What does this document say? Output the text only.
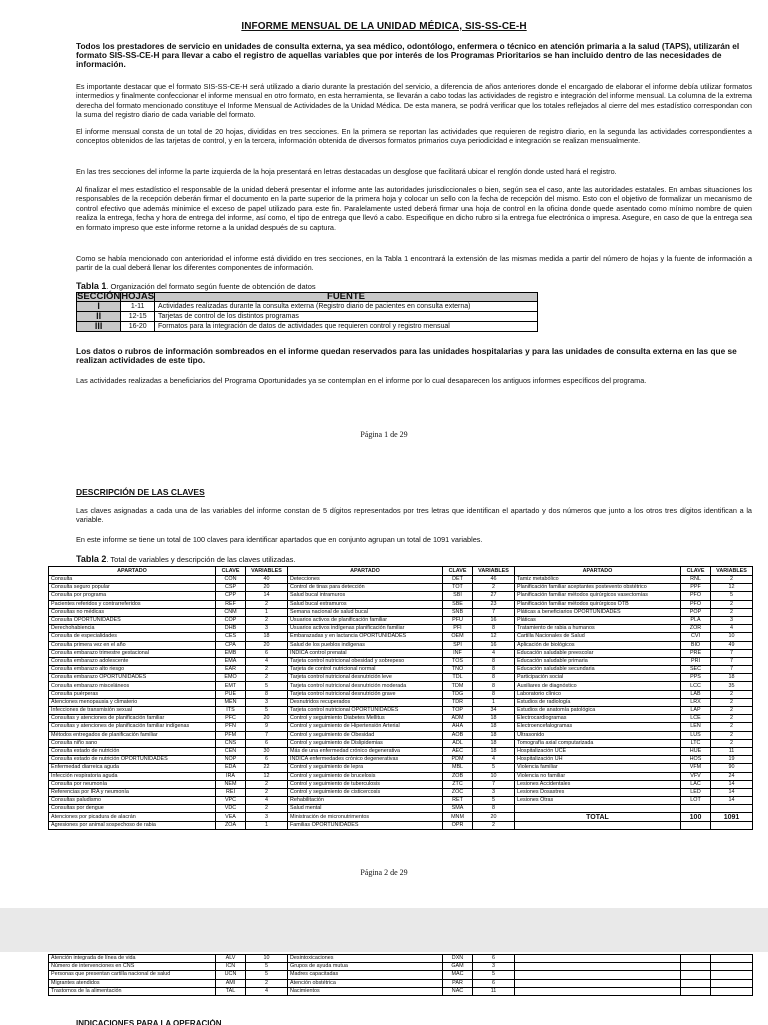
INFORME MENSUAL DE LA UNIDAD MÉDICA, SIS-SS-CE-H
Todos los prestadores de servicio en unidades de consulta externa, ya sea médico, odontólogo, enfermera o técnico en atención primaria a la salud (TAPS), utilizarán el formato SIS-SS-CE-H para llevar a cabo el registro de aquellas variables que por interés de los Programas Prioritarios se han incluido dentro de las necesidades de información.
Es importante destacar que el formato SIS-SS-CE-H será utilizado a diario durante la prestación del servicio, a diferencia de años anteriores donde el encargado de elaborar el informe debía utilizar formatos intermedios y finalmente confeccionar el informe mensual en otro formato, en esta herramienta, se llevarán a cabo todas las actividades de registro e integración del informe mensual. La columna de la extrema derecha del formato mencionado constituye el Informe Mensual de Actividades de la Unidad Médica. De esta manera, se podrá verificar que los totales reflejados al cierre del mes estadístico correspondan con la suma del registro diario de cada variable del formato.
El informe mensual consta de un total de 20 hojas, divididas en tres secciones. En la primera se reportan las actividades que requieren de registro diario, en la segunda las actividades correspondientes a conceptos obtenidos de las tarjetas de control, y en la tercera, información obtenida de diversos formatos primarios cuya periodicidad e integración se realizan mensualmente.
En las tres secciones del informe la parte izquierda de la hoja presentará en letras destacadas un desglose que facilitará ubicar el renglón donde usted hará el registro.
Al finalizar el mes estadístico el responsable de la unidad deberá presentar el informe ante las autoridades jurisdiccionales o bien, según sea el caso, ante las autoridades estatales. En ambas situaciones los responsables de la recepción deberán firmar el documento en la parte superior de la primera hoja y colocar un sello con la fecha de recepción del mismo. Esto con el objetivo de formalizar un mecanismo de control efectivo que además minimice el exceso de papel utilizado para este fin. Paralelamente usted deberá firmar una hoja de control en la oficina donde quede asentado como mínimo nombre de quien realiza la entrega, fecha y hora de entrega del informe, así como, el tipo de entrega que llevó a cabo. Especifique en dicho rubro si la entrega fue electrónica o impresa. Asegure, en caso de que la entrega sea en formato impreso que este informe retorne a la unidad después de su captura.
Como se había mencionado con anterioridad el informe está dividido en tres secciones, en la Tabla 1 encontrará la extensión de las mismas medida a partir del número de hojas y la fuente de información a partir de la cual deberá llenar los diferentes componentes de información.
Tabla 1. Organización del formato según fuente de obtención de datos
SECCIÓN	HOJAS	FUENTE
I	1-11	Actividades realizadas durante la consulta externa (Registro diario de pacientes en consulta externa)
II	12-15	Tarjetas de control de los distintos programas
III	16-20	Formatos para la integración de datos de actividades que requieren control y registro mensual
Los datos o rubros de información sombreados en el informe quedan reservados para las unidades hospitalarias y para las unidades de consulta externa en las que se realizan actividades de este tipo.
Las actividades realizadas a beneficiarios del Programa Oportunidades ya se contemplan en el informe por lo cual desaparecen los antiguos informes específicos del programa.
Página 1 de 29
DESCRIPCIÓN DE LAS CLAVES
Las claves asignadas a cada una de las variables del informe constan de 5 dígitos representados por tres letras que identifican el apartado y dos números que junto a los otros tres dígitos identifican a la variable.
En este informe se tiene un total de 100 claves para identificar apartados que en conjunto agrupan un total de 1091 variables.
Tabla 2. Total de variables y descripción de las claves utilizadas.
APARTADO	CLAVE	VARIABLES	APARTADO	CLAVE	VARIABLES	APARTADO	CLAVE	VARIABLES
Consulta	CON	40	Detecciones	DET	46	Tamiz metabólico	RNL	2
Consulta seguro popular	CSP	20	Control de tinas para detección	TOT	2	Planificación familiar aceptantes postevento obstétrico	PPF	12
Consulta por programa	CPP	14	Salud bucal intramuros	SBI	27	Planificación familiar métodos quirúrgicos vasectomías	PFO	5
Pacientes referidos y contrarreferidos	REF	2	Salud bucal extramuros	SBE	23	Planificación familiar métodos quirúrgicos OTB	PFO	2
Consultas no médicas	CNM	1	Semana nacional de salud bucal	SNB	7	Pláticas a beneficiarios OPORTUNIDADES	POP	2
Consulta OPORTUNIDADES	COP	2	Usuarios activos de planificación familiar	PFU	16	Pláticas	PLA	3
Derechohabiencia	DHB	3	Usuarios activos indígenas planificación familiar	PFI	8	Tratamiento de rabia a humanos	ZOR	4
Consulta de especialidades	CES	18	Embarazadas y en lactancia OPORTUNIDADES	OEM	12	Cartilla Nacionales de Salud	CVI	10
Consulta primera vez en el año	CPA	20	Salud de los pueblos indígenas	SPI	16	Aplicación de biológicos	BIO	49
Consulta embarazo trimestre gestacional	EMB	6	INDICA control prenatal	INF	4	Educación saludable preescolar	PRE	7
Consulta embarazo adolescente	EMA	4	Tarjeta control nutricional obesidad y sobrepeso	TOS	8	Educación saludable primaria	PRI	7
Consulta embarazo alto riesgo	EAR	2	Tarjeta de control nutricional normal	TNO	8	Educación saludable secundaria	SEC	7
Consulta embarazo OPORTUNIDADES	EMO	2	Tarjeta control nutricional desnutrición leve	TDL	8	Participación social	PPS	18
Consulta embarazo misceláneos	EMT	5	Tarjeta control nutricional desnutrición moderada	TDM	8	Auxiliares de diagnóstico	LCC	35
Consulta puérperas	PUE	8	Tarjeta control nutricional desnutrición grave	TDG	8	Laboratorio clínico	LAB	2
Atenciones menopausia y climaterio	MEN	3	Desnutridos recuperados	TDR	1	Estudios de radiología	LRX	2
Infecciones de transmisión sexual	ITS	5	Tarjeta control nutricional OPORTUNIDADES	TOP	34	Estudios de anatomía patológica	LAP	2
Consultas y atenciones de planificación familiar	PFC	20	Control y seguimiento Diabetes Mellitus	ADM	18	Electrocardiogramas	LCE	2
Consultas y atenciones de planificación familiar indígenas	PFN	9	Control y seguimiento de Hipertensión Arterial	AHA	18	Electroencefalogramas	LEN	2
Métodos entregados de planificación familiar	PFM	7	Control y seguimiento de Obesidad	AOB	18	Ultrasonido	LUS	2
Consulta niño sano	CNS	6	Control y seguimiento de Dislipidemias	ADL	18	Tomografía axial computarizada	LTC	2
Consulta estado de nutrición	CEN	30	Más de una enfermedad crónico degenerativa	AEC	18	Hospitalización UCE	HUE	11
Consulta estado de nutrición OPORTUNIDADES	NOP	6	INDICA enfermedades crónico degenerativas	PDM	4	Hospitalización UH	HOS	19
Enfermedad diarreica aguda	EDA	22	Control y seguimiento de lepra	MBL	5	Violencia familiar	VFM	90
Infección respiratoria aguda	IRA	12	Control y seguimiento de brucelosis	ZOB	10	Violencia no familiar	VFV	24
Consulta por neumonía	NEM	2	Control y seguimiento de tuberculosis	ZTC	7	Lesiones Accidentales	LAC	14
Referencias por IRA y neumonía	REI	2	Control y seguimiento de cisticercosis	ZOC	3	Lesiones Dosastres	LED	14
Consultas paludismo	VPC	4	Rehabilitación	RET	5	Lesiones Otras	LOT	14
Consultas por dengue	VDC	2	Salud mental	SMA	8			
Atenciones por picadura de alacrán	VEA	3	Ministración de micronutrimentos	MNM	20	TOTAL	100	1091
Agresiones por animal sospechoso de rabia	ZOA	1	Familias OPORTUNIDADES	OPR	2			
Página 2 de 29
Atención integrada de línea de vida	ALV	10	Desintoxicaciones	DXN	6			
Número de intervenciones en CNS	ICN	5	Grupos de ayuda mutua	GAM	3			
Personas que presentan cartilla nacional de salud	UCN	5	Madres capacitadas	MAC	5			
Migrantes atendidos	AMI	2	Atención obstétrica	PAR	6			
Trastornos de la alimentación	TAL	4	Nacimientos	NAC	11			
INDICACIONES PARA LA OPERACIÓN
